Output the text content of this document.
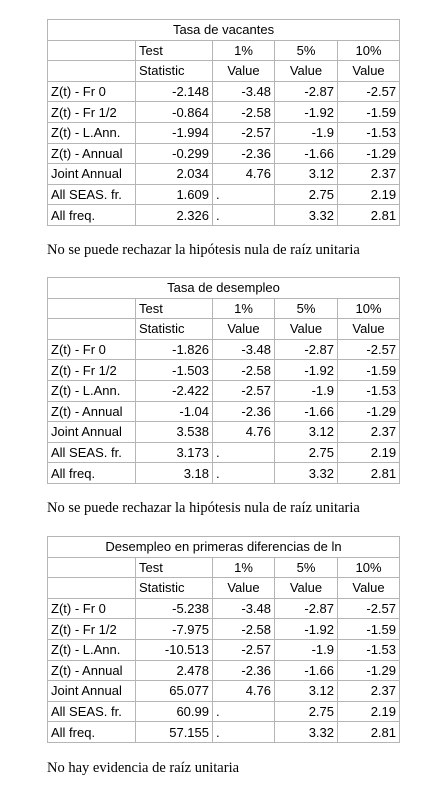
Tasa de vacantes				
	Test	1%	5%	10%
	Statistic	Value	Value	Value
Z(t) - Fr 0	-2.148	-3.48	-2.87	-2.57
Z(t) - Fr 1/2	-0.864	-2.58	-1.92	-1.59
Z(t) - L.Ann.	-1.994	-2.57	-1.9	-1.53
Z(t) - Annual	-0.299	-2.36	-1.66	-1.29
Joint Annual	2.034	4.76	3.12	2.37
All SEAS. fr.	1.609	.	2.75	2.19
All freq.	2.326	.	3.32	2.81

No se puede rechazar la hipótesis nula de raíz unitaria

Tasa de desempleo				
	Test	1%	5%	10%
	Statistic	Value	Value	Value
Z(t) - Fr 0	-1.826	-3.48	-2.87	-2.57
Z(t) - Fr 1/2	-1.503	-2.58	-1.92	-1.59
Z(t) - L.Ann.	-2.422	-2.57	-1.9	-1.53
Z(t) - Annual	-1.04	-2.36	-1.66	-1.29
Joint Annual	3.538	4.76	3.12	2.37
All SEAS. fr.	3.173	.	2.75	2.19
All freq.	3.18	.	3.32	2.81

No se puede rechazar la hipótesis nula de raíz unitaria

Desempleo en primeras diferencias de ln				
	Test	1%	5%	10%
	Statistic	Value	Value	Value
Z(t) - Fr 0	-5.238	-3.48	-2.87	-2.57
Z(t) - Fr 1/2	-7.975	-2.58	-1.92	-1.59
Z(t) - L.Ann.	-10.513	-2.57	-1.9	-1.53
Z(t) - Annual	2.478	-2.36	-1.66	-1.29
Joint Annual	65.077	4.76	3.12	2.37
All SEAS. fr.	60.99	.	2.75	2.19
All freq.	57.155	.	3.32	2.81

No hay evidencia de raíz unitaria
